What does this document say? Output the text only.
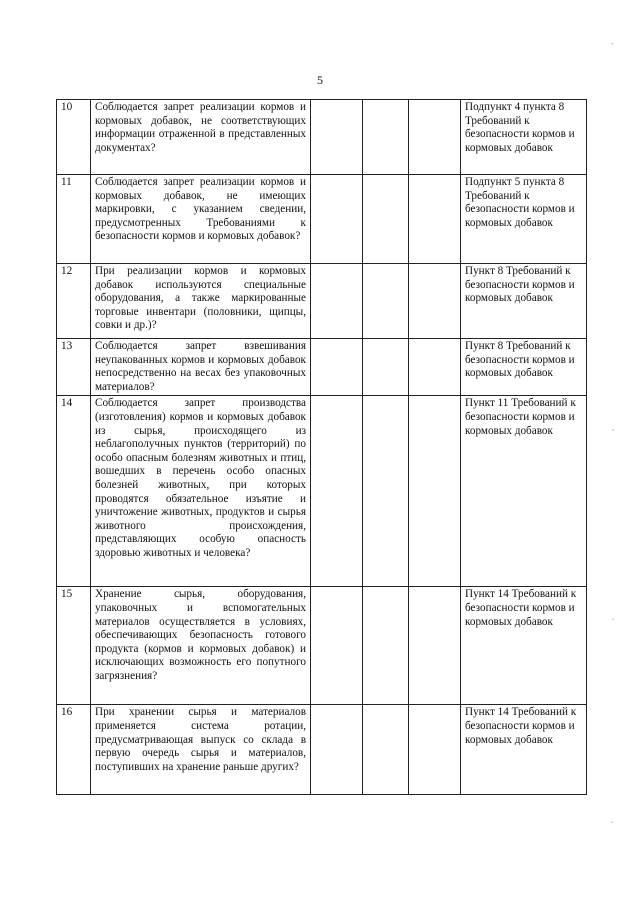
5
10	Соблюдается запрет реализации кормов и кормовых добавок, не соответствующих информации отраженной в представленных документах?				Подпункт 4 пункта 8 Требований к безопасности кормов и кормовых добавок
11	Соблюдается запрет реализации кормов и кормовых добавок, не имеющих маркировки, с указанием сведении, предусмотренных Требованиями к безопасности кормов и кормовых добавок?				Подпункт 5 пункта 8 Требований к безопасности кормов и кормовых добавок
12	При реализации кормов и кормовых добавок используются специальные оборудования, а также маркированные торговые инвентари (половники, щипцы, совки и др.)?				Пункт 8 Требований к безопасности кормов и кормовых добавок
13	Соблюдается запрет взвешивания неупакованных кормов и кормовых добавок непосредственно на весах без упаковочных материалов?				Пункт 8 Требований к безопасности кормов и кормовых добавок
14	Соблюдается запрет производства (изготовления) кормов и кормовых добавок из сырья, происходящего из неблагополучных пунктов (территорий) по особо опасным болезням животных и птиц, вошедших в перечень особо опасных болезней животных, при которых проводятся обязательное изъятие и уничтожение животных, продуктов и сырья животного происхождения, представляющих особую опасность здоровью животных и человека?				Пункт 11 Требований к безопасности кормов и кормовых добавок
15	Хранение сырья, оборудования, упаковочных и вспомогательных материалов осуществляется в условиях, обеспечивающих безопасность готового продукта (кормов и кормовых добавок) и исключающих возможность его попутного загрязнения?				Пункт 14 Требований к безопасности кормов и кормовых добавок
16	При хранении сырья и материалов применяется система ротации, предусматривающая выпуск со склада в первую очередь сырья и материалов, поступивших на хранение раньше других?				Пункт 14 Требований к безопасности кормов и кормовых добавок
’
‘
‘
‘
